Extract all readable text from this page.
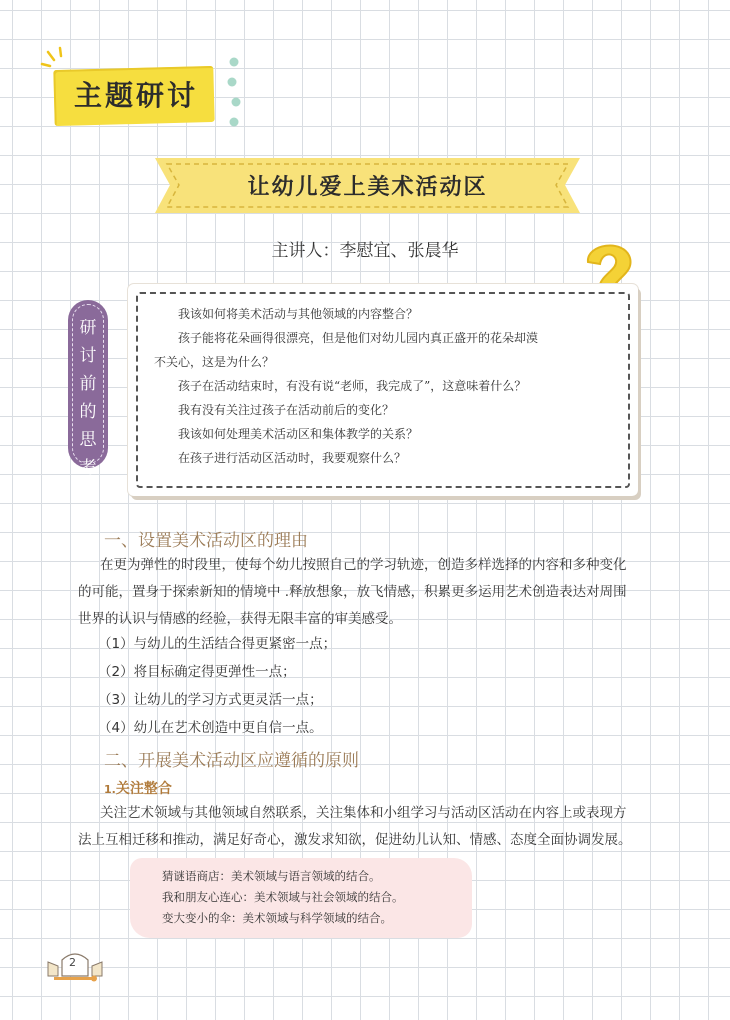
主题研讨
让幼儿爱上美术活动区
主讲人：李慰宜、张晨华

我该如何将美术活动与其他领域的内容整合？

孩子能将花朵画得很漂亮，但是他们对幼儿园内真正盛开的花朵却漠

不关心，这是为什么？

孩子在活动结束时，有没有说“老师，我完成了”，这意味着什么？

我有没有关注过孩子在活动前后的变化？

我该如何处理美术活动区和集体教学的关系？

在孩子进行活动区活动时，我要观察什么？

研
讨
前
的
思
考
一、设置美术活动区的理由
在更为弹性的时段里，使每个幼儿按照自己的学习轨迹，创造多样选择的内容和多种变化
的可能，置身于探索新知的情境中 .释放想象，放飞情感，积累更多运用艺术创造表达对周围
世界的认识与情感的经验，获得无限丰富的审美感受。
（1）与幼儿的生活结合得更紧密一点；
（2）将目标确定得更弹性一点；
（3）让幼儿的学习方式更灵活一点；
（4）幼儿在艺术创造中更自信一点。
二、开展美术活动区应遵循的原则
1.关注整合
关注艺术领域与其他领域自然联系，关注集体和小组学习与活动区活动在内容上或表现方
法上互相迁移和推动，满足好奇心，激发求知欲，促进幼儿认知、情感、态度全面协调发展。
猜谜语商店：美术领域与语言领域的结合。
我和朋友心连心：美术领域与社会领域的结合。
变大变小的伞：美术领域与科学领域的结合。
2
